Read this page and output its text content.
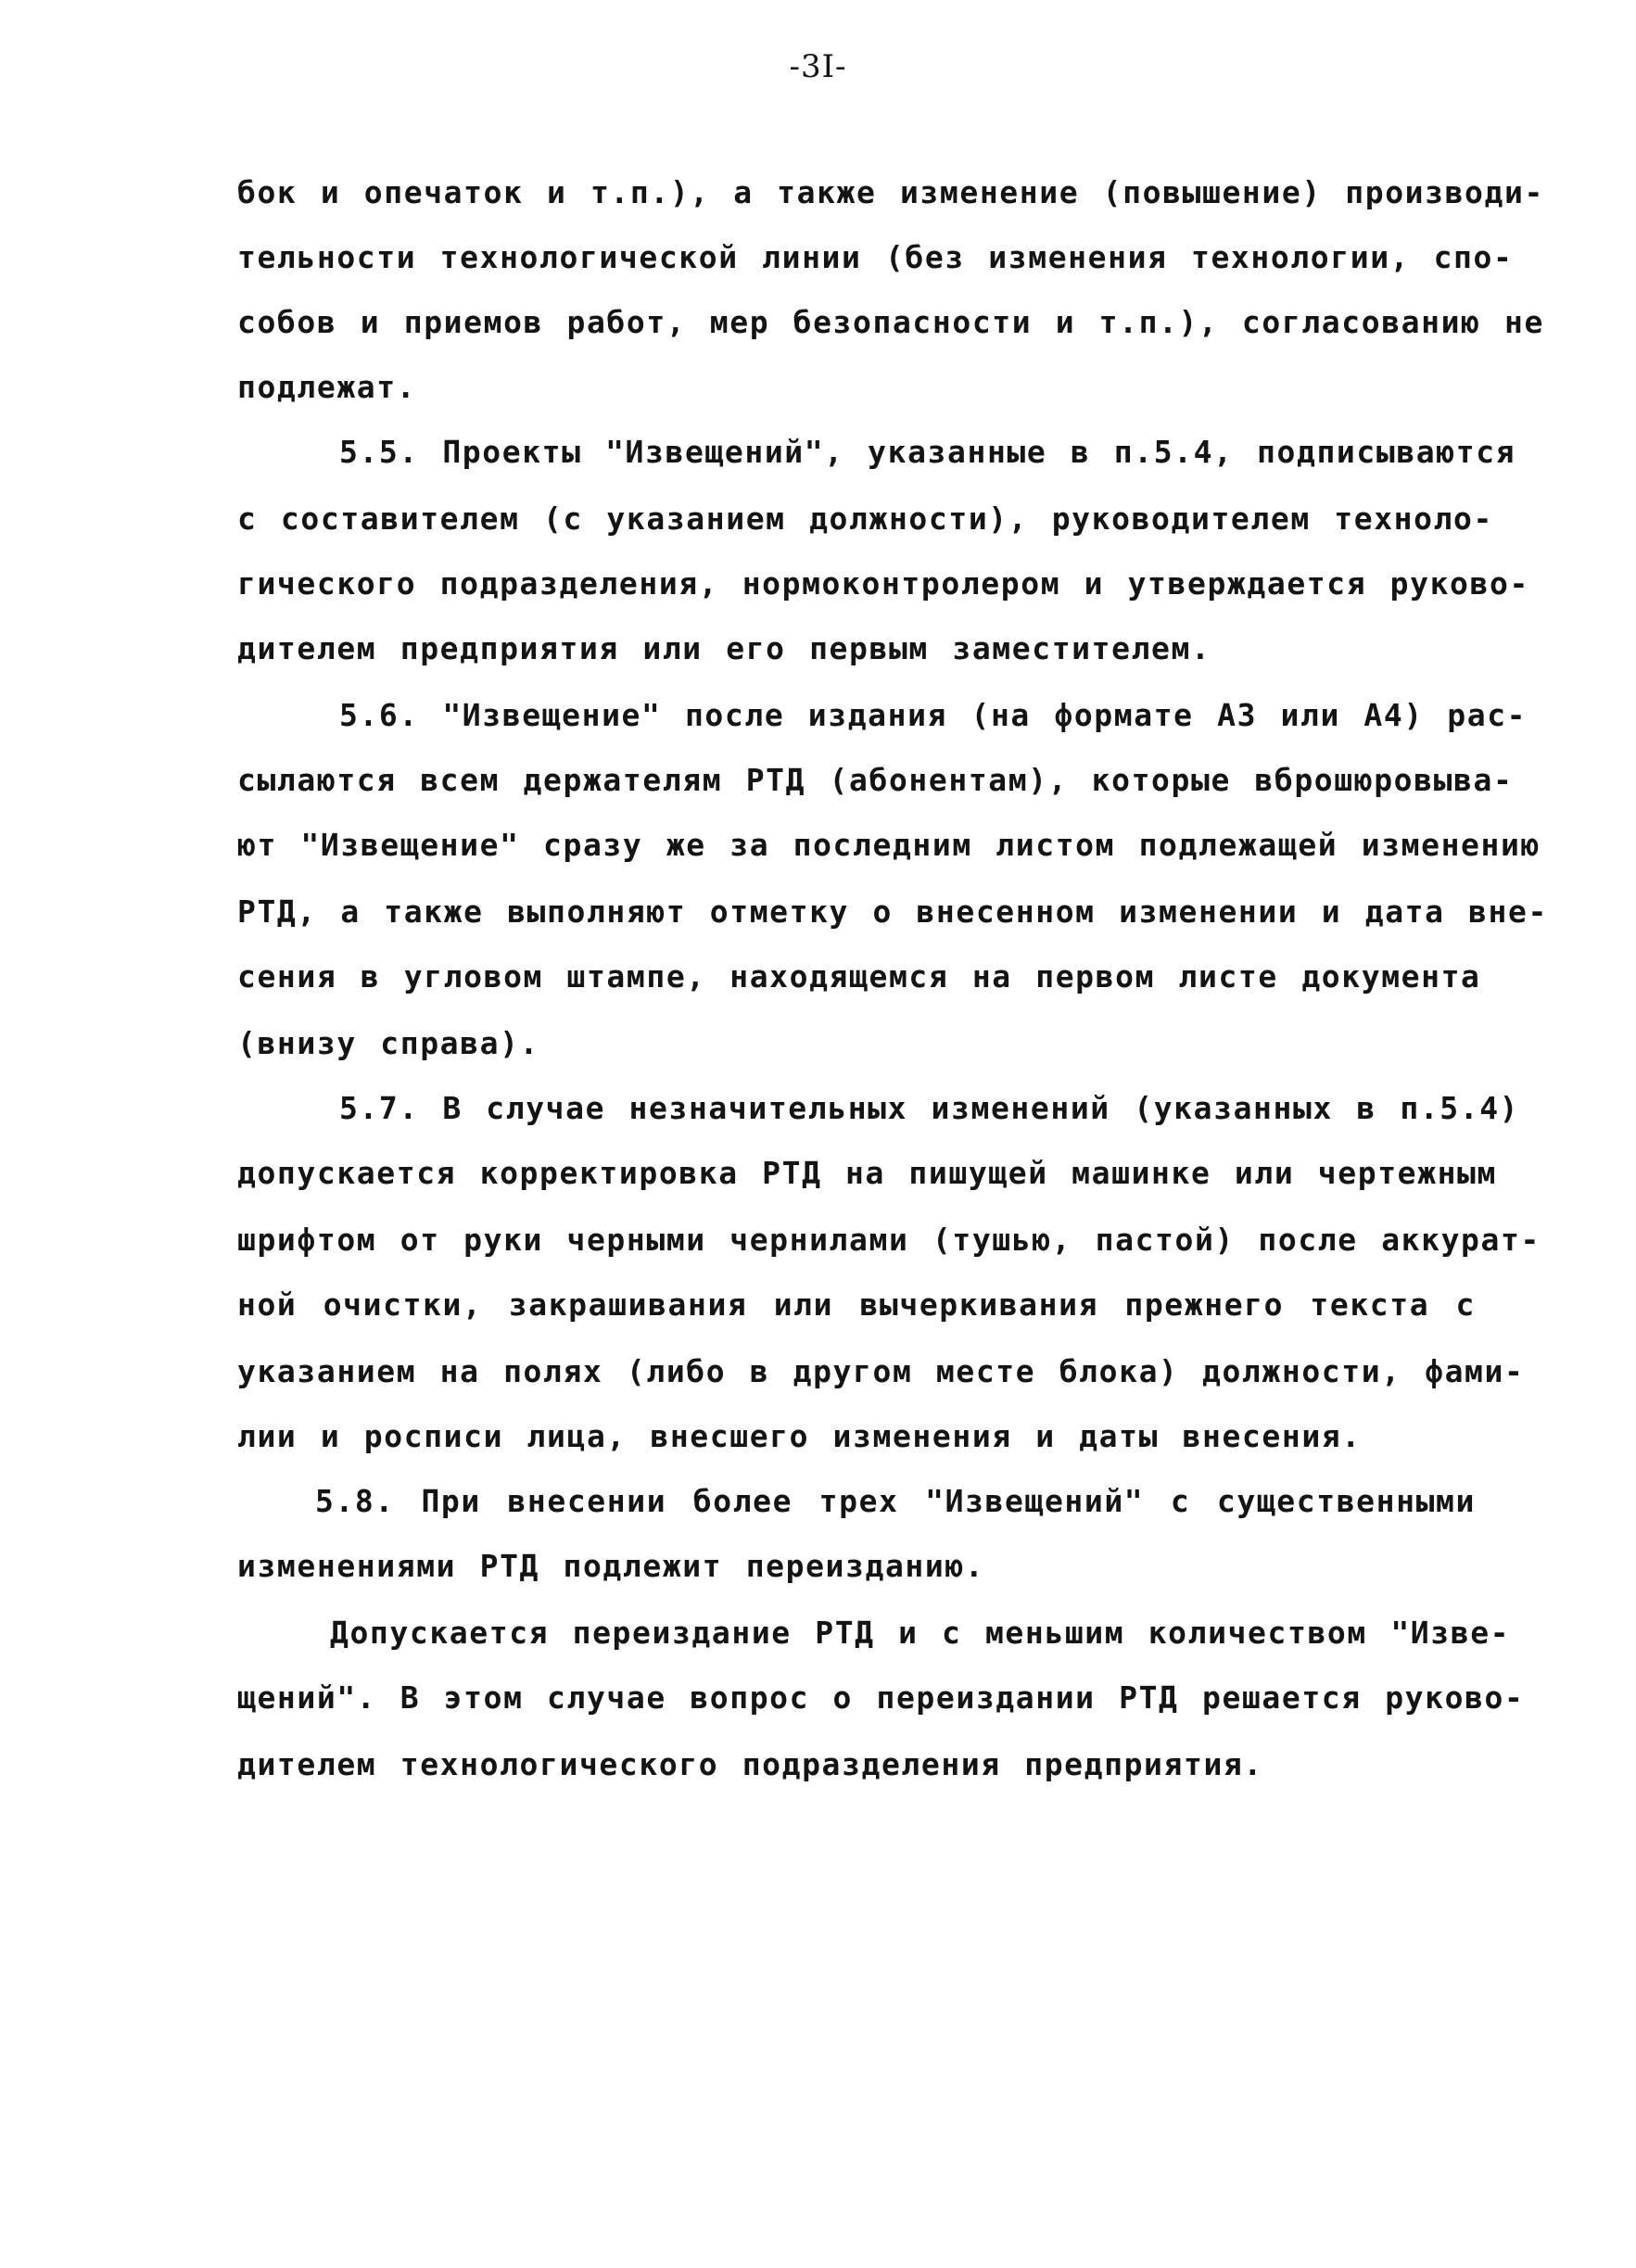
-3I-
бок и опечаток и т.п.), а также изменение (повышение) производи-
тельности технологической линии (без изменения технологии, спо-
собов и приемов работ, мер безопасности и т.п.), согласованию не
подлежат.
5.5. Проекты "Извещений", указанные в п.5.4, подписываются
с составителем (с указанием должности), руководителем техноло-
гического подразделения, нормоконтролером и утверждается руково-
дителем предприятия или его первым заместителем.
5.6. "Извещение" после издания (на формате А3 или А4) рас-
сылаются всем держателям РТД (абонентам), которые вброшюровыва-
ют "Извещение" сразу же за последним листом подлежащей изменению
РТД, а также выполняют отметку о внесенном изменении и дата вне-
сения в угловом штампе, находящемся на первом листе документа
(внизу справа).
5.7. В случае незначительных изменений (указанных в п.5.4)
допускается корректировка РТД на пишущей машинке или чертежным
шрифтом от руки черными чернилами (тушью, пастой) после аккурат-
ной очистки, закрашивания или вычеркивания прежнего текста с
указанием на полях (либо в другом месте блока) должности, фами-
лии и росписи лица, внесшего изменения и даты внесения.
5.8. При внесении более трех "Извещений" с существенными
изменениями РТД подлежит переизданию.
Допускается переиздание РТД и с меньшим количеством "Изве-
щений". В этом случае вопрос о переиздании РТД решается руково-
дителем технологического подразделения предприятия.
